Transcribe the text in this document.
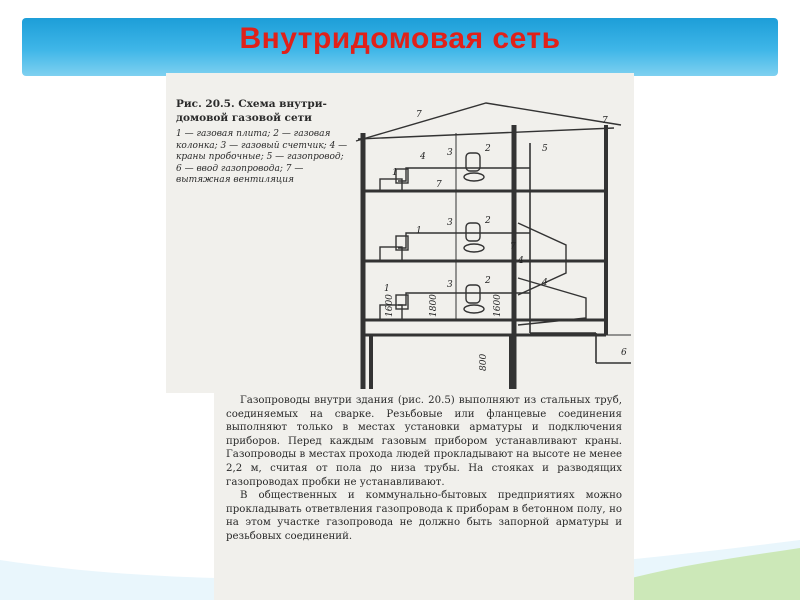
Внутридомовая сеть
Рис. 20.5. Схема внутри-домовой газовой сети
1 — газовая плита; 2 — газовая колонка; 3 — газовый счетчик; 4 — краны пробочные; 5 — газопровод; 6 — ввод газопровода; 7 — вытяжная вентиляция
7
7
5
2
3
4
7
1
2
3
1
7
4
2
3	4
1
6
1600	1800	1600
800

Газопроводы внутри здания (рис. 20.5) выполняют из стальных труб, соединяемых на сварке. Резьбовые или фланцевые соединения выполняют только в местах установки арматуры и подключения приборов. Перед каждым газовым прибором устанавливают краны. Газопроводы в местах прохода людей прокладывают на высоте не менее 2,2 м, считая от пола до низа трубы. На стояках и разводящих газопроводах пробки не устанавливают.

В общественных и коммунально-бытовых предприятиях можно прокладывать ответвления газопровода к приборам в бетонном полу, но на этом участке газопровода не должно быть запорной арматуры и резьбовых соединений.
